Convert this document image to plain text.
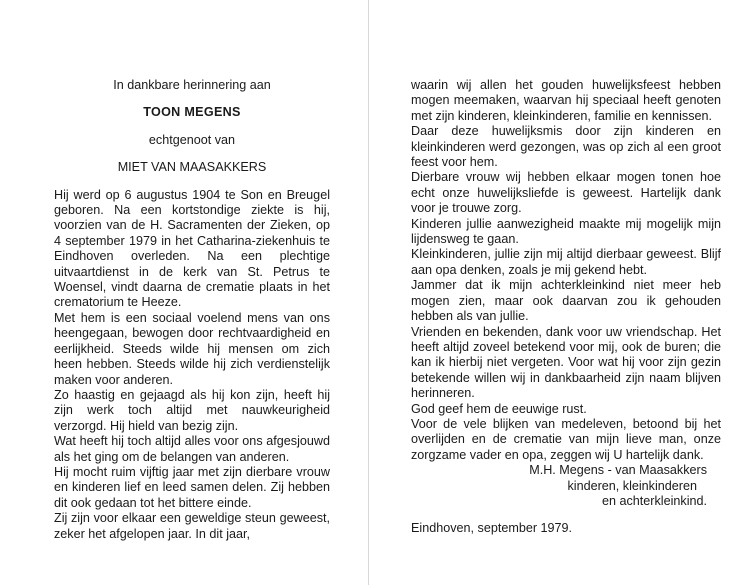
In dankbare herinnering aan
TOON MEGENS
echtgenoot van
MIET VAN MAASAKKERS

Hij werd op 6 augustus 1904 te Son en Breugel geboren. Na een kortstondige ziekte is hij, voorzien van de H. Sacramenten der Zieken, op 4 september 1979 in het Catharina-ziekenhuis te Eindhoven overleden. Na een plechtige uitvaartdienst in de kerk van St. Petrus te Woensel, vindt daarna de crematie plaats in het crematorium te Heeze.

Met hem is een sociaal voelend mens van ons heengegaan, bewogen door rechtvaardigheid en eerlijkheid. Steeds wilde hij mensen om zich heen hebben. Steeds wilde hij zich verdienstelijk maken voor anderen.

Zo haastig en gejaagd als hij kon zijn, heeft hij zijn werk toch altijd met nauwkeurigheid verzorgd. Hij hield van bezig zijn.

Wat heeft hij toch altijd alles voor ons afgesjouwd als het ging om de belangen van anderen.

Hij mocht ruim vijftig jaar met zijn dierbare vrouw en kinderen lief en leed samen delen. Zij hebben dit ook gedaan tot het bittere einde.

Zij zijn voor elkaar een geweldige steun geweest, zeker het afgelopen jaar. In dit jaar,

waarin wij allen het gouden huwelijksfeest hebben mogen meemaken, waarvan hij speciaal heeft genoten met zijn kinderen, kleinkinderen, familie en kennissen.

Daar deze huwelijksmis door zijn kinderen en kleinkinderen werd gezongen, was op zich al een groot feest voor hem.

Dierbare vrouw wij hebben elkaar mogen tonen hoe echt onze huwelijksliefde is geweest. Hartelijk dank voor je trouwe zorg.

Kinderen jullie aanwezigheid maakte mij mogelijk mijn lijdensweg te gaan.

Kleinkinderen, jullie zijn mij altijd dierbaar geweest. Blijf aan opa denken, zoals je mij gekend hebt.

Jammer dat ik mijn achterkleinkind niet meer heb mogen zien, maar ook daarvan zou ik gehouden hebben als van jullie.

Vrienden en bekenden, dank voor uw vriendschap. Het heeft altijd zoveel betekend voor mij, ook de buren; die kan ik hierbij niet vergeten. Voor wat hij voor zijn gezin betekende willen wij in dankbaarheid zijn naam blijven herinneren.

God geef hem de eeuwige rust.

Voor de vele blijken van medeleven, betoond bij het overlijden en de crematie van mijn lieve man, onze zorgzame vader en opa, zeggen wij U hartelijk dank.

M.H. Megens - van Maasakkers
kinderen, kleinkinderen
en achterkleinkind.
Eindhoven, september 1979.
